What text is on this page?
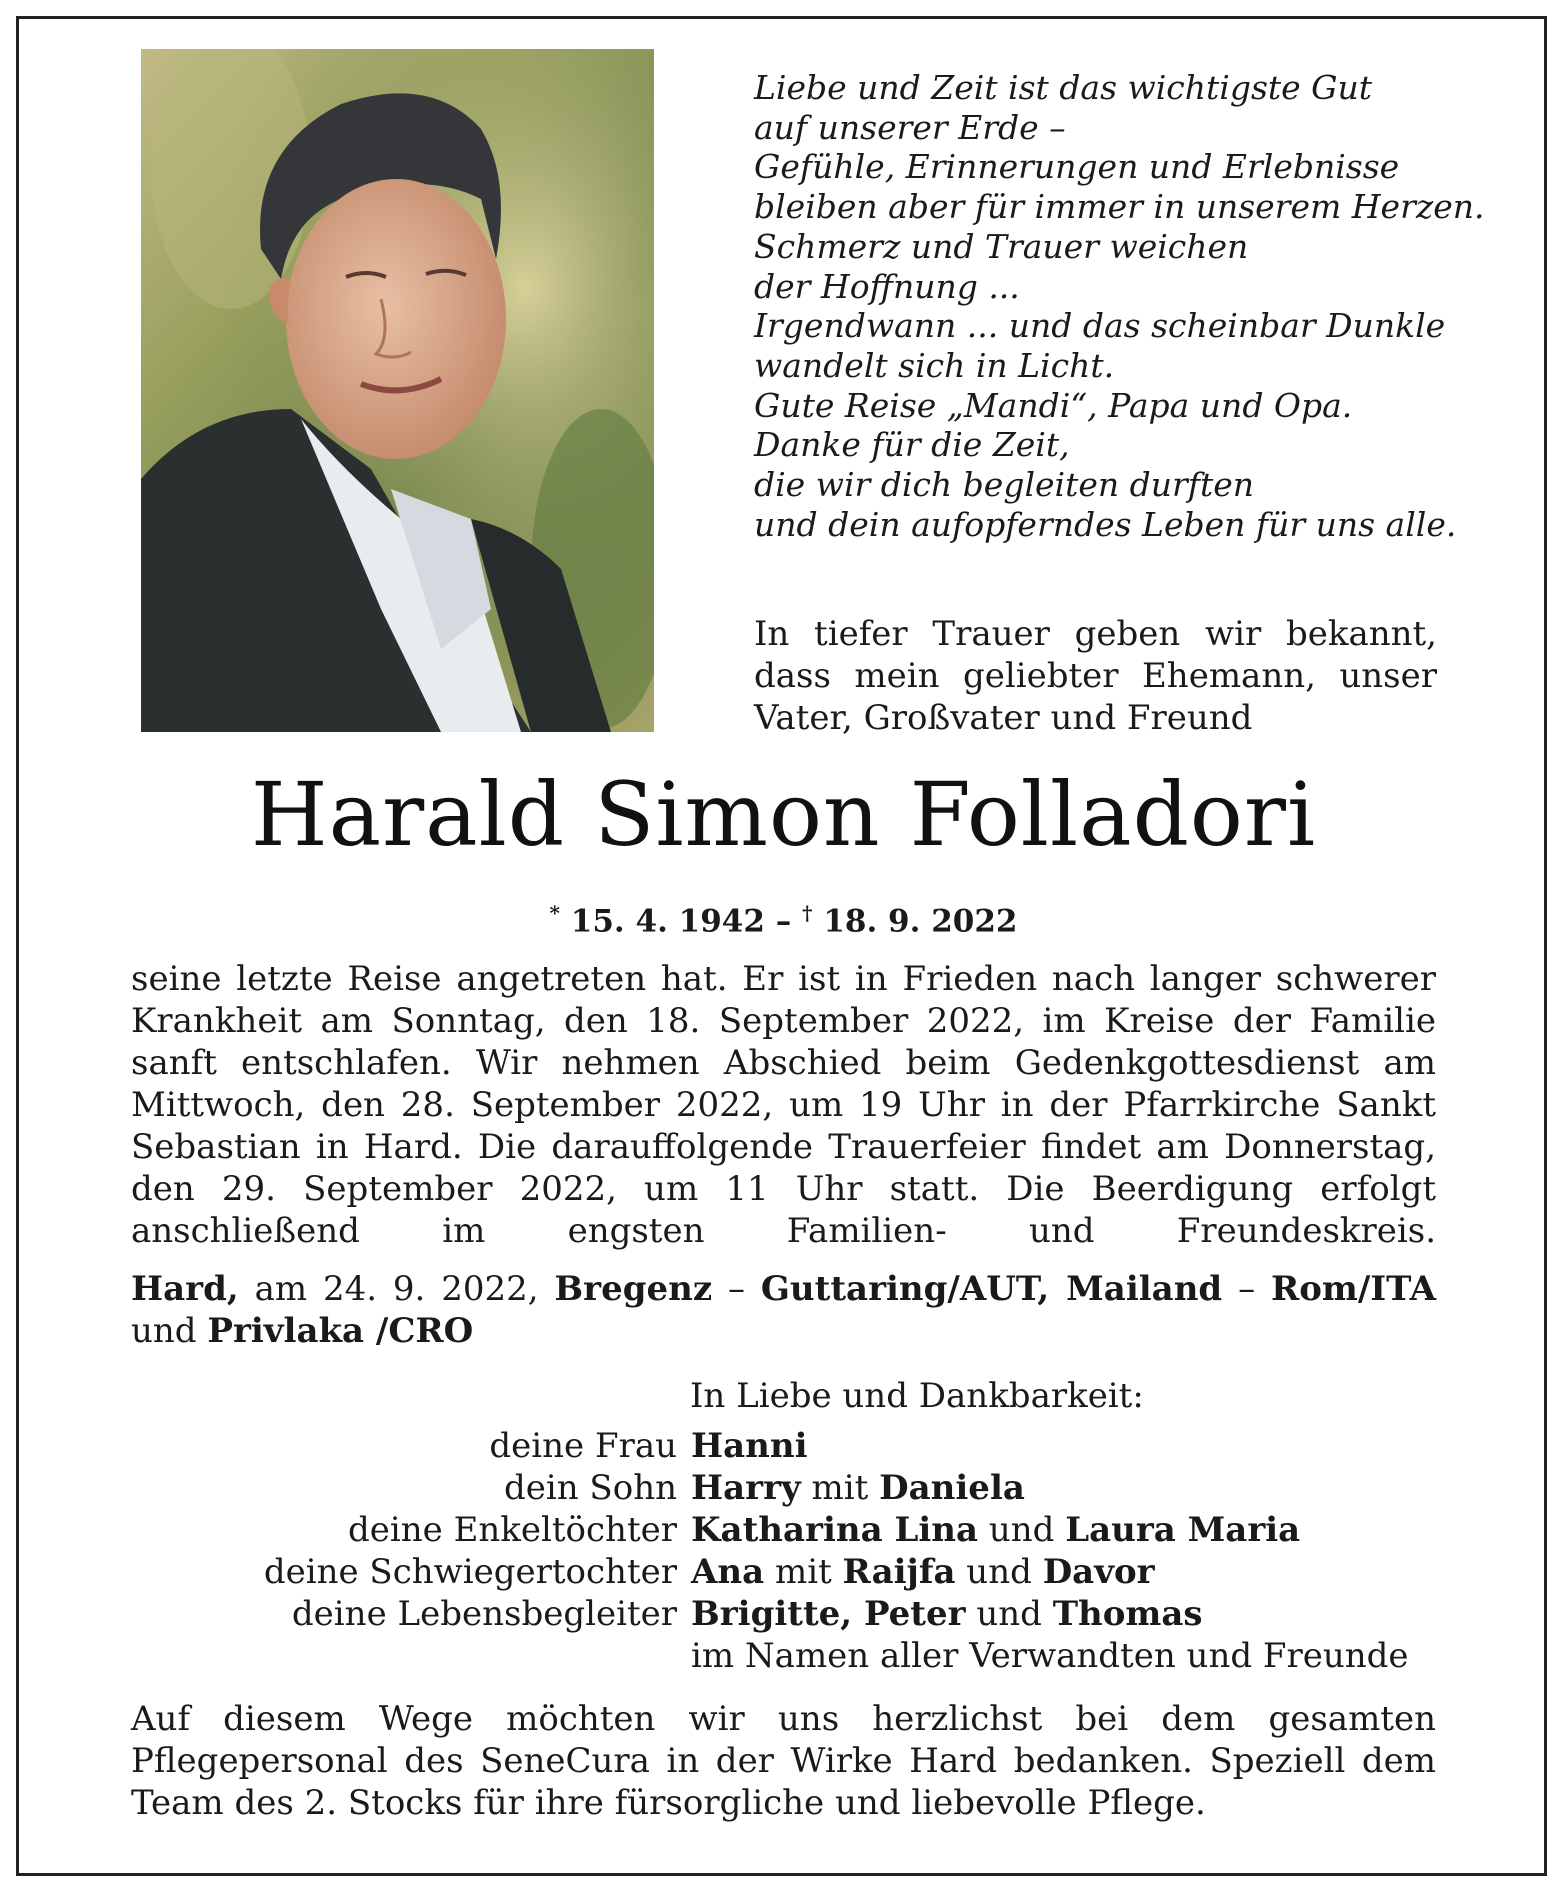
Liebe und Zeit ist das wichtigste Gut
auf unserer Erde –
Gefühle, Erinnerungen und Erlebnisse
bleiben aber für immer in unserem Herzen.
Schmerz und Trauer weichen
der Hoffnung ...
Irgendwann ... und das scheinbar Dunkle
wandelt sich in Licht.
Gute Reise „Mandi“, Papa und Opa.
Danke für die Zeit,
die wir dich begleiten durften
und dein aufopferndes Leben für uns alle.

In tiefer Trauer geben wir bekannt, dass mein geliebter Ehemann, unser Vater, Großvater und Freund

Harald Simon Folladori
* 15. 4. 1942 – † 18. 9. 2022

seine letzte Reise angetreten hat. Er ist in Frieden nach langer schwerer Krankheit am Sonntag, den 18. September 2022, im Kreise der Familie sanft entschlafen. Wir nehmen Abschied beim Gedenkgottesdienst am Mittwoch, den 28. September 2022, um 19 Uhr in der Pfarrkirche Sankt Sebastian in Hard. Die darauffolgende Trauerfeier findet am Donnerstag, den 29. September 2022, um 11 Uhr statt. Die Beerdigung erfolgt anschließend im engsten Familien- und Freundeskreis.

Hard, am 24. 9. 2022, Bregenz – Guttaring/AUT, Mailand – Rom/ITA
und Privlaka /CRO

In Liebe und Dankbarkeit:

deine Frau	Hanni
dein Sohn	Harry mit Daniela
deine Enkeltöchter	Katharina Lina und Laura Maria
deine Schwiegertochter	Ana mit Raijfa und Davor
deine Lebensbegleiter	Brigitte, Peter und Thomas
	im Namen aller Verwandten und Freunde

Auf diesem Wege möchten wir uns herzlichst bei dem gesamten Pflegepersonal des SeneCura in der Wirke Hard bedanken. Speziell dem Team des 2. Stocks für ihre fürsorgliche und liebevolle Pflege.
